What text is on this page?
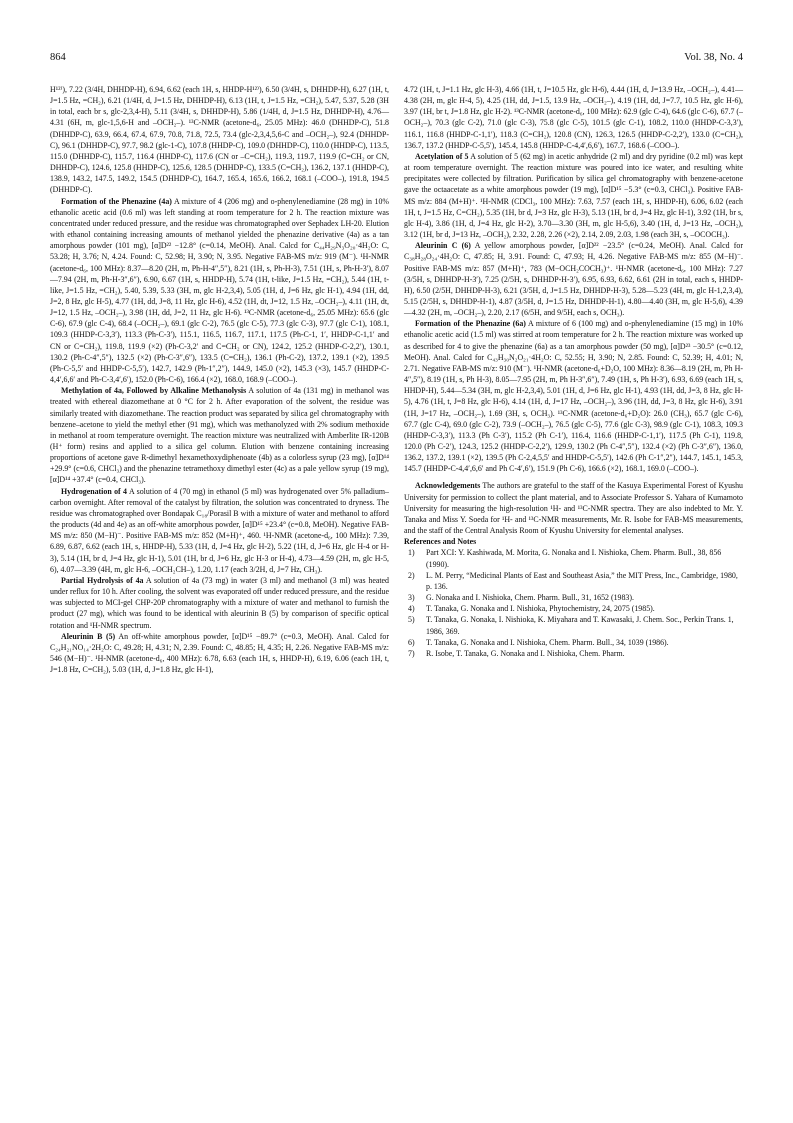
864	Vol. 38, No. 4

H¹²⁾), 7.22 (3/4H, DHHDP-H), 6.94, 6.62 (each 1H, s, HHDP-H¹²⁾), 6.50 (3/4H, s, DHHDP-H), 6.27 (1H, t, J=1.5 Hz, =CH₂), 6.21 (1/4H, d, J=1.5 Hz, DHHDP-H), 6.13 (1H, t, J=1.5 Hz, =CH₂), 5.47, 5.37, 5.28 (3H in total, each br s, glc-2,3,4-H), 5.11 (3/4H, s, DHHDP-H), 5.86 (1/4H, d, J=1.5 Hz, DHHDP-H), 4.76—4.31 (6H, m, glc-1,5,6-H and –OCH₂–). ¹³C-NMR (acetone-d₆, 25.05 MHz): 46.0 (DHHDP-C), 51.8 (DHHDP-C), 63.9, 66.4, 67.4, 67.9, 70.8, 71.8, 72.5, 73.4 (glc-2,3,4,5,6-C and –OCH₂–), 92.4 (DHHDP-C), 96.1 (DHHDP-C), 97.7, 98.2 (glc-1-C), 107.8 (HHDP-C), 109.0 (DHHDP-C), 110.0 (HHDP-C), 113.5, 115.0 (DHHDP-C), 115.7, 116.4 (HHDP-C), 117.6 (CN or –C=CH₂), 119.3, 119.7, 119.9 (C=CH₂ or CN, DHHDP-C), 124.6, 125.8 (HHDP-C), 125.6, 128.5 (DHHDP-C), 133.5 (C=CH₂), 136.2, 137.1 (HHDP-C), 138.9, 143.2, 147.5, 149.2, 154.5 (DHHDP-C), 164.7, 165.4, 165.6, 166.2, 168.1 (–COO–), 191.8, 194.5 (DHHDP-C).

Formation of the Phenazine (4a) A mixture of 4 (206 mg) and o-phenylenediamine (28 mg) in 10% ethanolic acetic acid (0.6 ml) was left standing at room temperature for 2 h. The reaction mixture was concentrated under reduced pressure, and the residue was chromatographed over Sephadex LH-20. Elution with ethanol containing increasing amounts of methanol yielded the phenazine derivative (4a) as a tan amorphous powder (101 mg), [α]D²² −12.8° (c=0.14, MeOH). Anal. Calcd for C₄₄H₂₉N₃O₂₀·4H₂O: C, 53.28; H, 3.76; N, 4.24. Found: C, 52.98; H, 3.90; N, 3.95. Negative FAB-MS m/z: 919 (M⁻). ¹H-NMR (acetone-d₆, 100 MHz): 8.37—8.20 (2H, m, Ph-H-4″,5″), 8.21 (1H, s, Ph-H-3), 7.51 (1H, s, Ph-H-3′), 8.07—7.94 (2H, m, Ph-H-3″,6″), 6.90, 6.67 (1H, s, HHDP-H), 5.74 (1H, t-like, J=1.5 Hz, =CH₂), 5.44 (1H, t-like, J=1.5 Hz, =CH₂), 5.40, 5.39, 5.33 (3H, m, glc H-2,3,4), 5.05 (1H, d, J=6 Hz, glc H-1), 4.94 (1H, dd, J=2, 8 Hz, glc H-5), 4.77 (1H, dd, J=8, 11 Hz, glc H-6), 4.52 (1H, dt, J=12, 1.5 Hz, –OCH₂–), 4.11 (1H, dt, J=12, 1.5 Hz, –OCH₂–), 3.98 (1H, dd, J=2, 11 Hz, glc H-6). ¹³C-NMR (acetone-d₆, 25.05 MHz): 65.6 (glc C-6), 67.9 (glc C-4), 68.4 (–OCH₂–), 69.1 (glc C-2), 76.5 (glc C-5), 77.3 (glc C-3), 97.7 (glc C-1), 108.1, 109.3 (HHDP-C-3,3′), 113.3 (Ph-C-3′), 115.1, 116.5, 116.7, 117.1, 117.5 (Ph-C-1, 1′, HHDP-C-1,1′ and CN or C=CH₂), 119.8, 119.9 (×2) (Ph-C-3,2′ and C=CH₂ or CN), 124.2, 125.2 (HHDP-C-2,2′), 130.1, 130.2 (Ph-C-4″,5″), 132.5 (×2) (Ph-C-3″,6″), 133.5 (C=CH₂), 136.1 (Ph-C-2), 137.2, 139.1 (×2), 139.5 (Ph-C-5,5′ and HHDP-C-5,5′), 142.7, 142.9 (Ph-1″,2″), 144.9, 145.0 (×2), 145.3 (×3), 145.7 (HHDP-C-4,4′,6,6′ and Ph-C-3,4′,6′), 152.0 (Ph-C-6), 166.4 (×2), 168.0, 168.9 (–COO–).

Methylation of 4a, Followed by Alkaline Methanolysis A solution of 4a (131 mg) in methanol was treated with ethereal diazomethane at 0 °C for 2 h. After evaporation of the solvent, the residue was similarly treated with diazomethane. The reaction product was separated by silica gel chromatography with benzene–acetone to yield the methyl ether (91 mg), which was methanolyzed with 2% sodium methoxide in methanol at room temperature overnight. The reaction mixture was neutralized with Amberlite IR-120B (H⁺ form) resins and applied to a silica gel column. Elution with benzene containing increasing proportions of acetone gave R-dimethyl hexamethoxydiphenoate (4b) as a colorless syrup (23 mg), [α]D¹⁴ +29.9° (c=0.6, CHCl₃) and the phenazine tetramethoxy dimethyl ester (4c) as a pale yellow syrup (19 mg), [α]D¹⁴ +37.4° (c=0.4, CHCl₃).

Hydrogenation of 4 A solution of 4 (70 mg) in ethanol (5 ml) was hydrogenated over 5% palladium–carbon overnight. After removal of the catalyst by filtration, the solution was concentrated to dryness. The residue was chromatographed over Bondapak C₁₈/Porasil B with a mixture of water and methanol to afford the products (4d and 4e) as an off-white amorphous powder, [α]D¹⁵ +23.4° (c=0.8, MeOH). Negative FAB-MS m/z: 850 (M−H)⁻. Positive FAB-MS m/z: 852 (M+H)⁺, 460. ¹H-NMR (acetone-d₆, 100 MHz): 7.39, 6.89, 6.87, 6.62 (each 1H, s, HHDP-H), 5.33 (1H, d, J=4 Hz, glc H-2), 5.22 (1H, d, J=6 Hz, glc H-4 or H-3), 5.14 (1H, br d, J=4 Hz, glc H-1), 5.01 (1H, br d, J=6 Hz, glc H-3 or H-4), 4.73—4.59 (2H, m, glc H-5, 6), 4.07—3.39 (4H, m, glc H-6, –OCH₂CH–), 1.20, 1.17 (each 3/2H, d, J=7 Hz, CH₃).

Partial Hydrolysis of 4a A solution of 4a (73 mg) in water (3 ml) and methanol (3 ml) was heated under reflux for 10 h. After cooling, the solvent was evaporated off under reduced pressure, and the residue was subjected to MCI-gel CHP-20P chromatography with a mixture of water and methanol to furnish the product (27 mg), which was found to be identical with aleurinin B (5) by comparison of specific optical rotation and ¹H-NMR spectrum.

Aleurinin B (5) An off-white amorphous powder, [α]D¹⁵ −89.7° (c=0.3, MeOH). Anal. Calcd for C₂₄H₂₁NO₁₄·2H₂O: C, 49.28; H, 4.31; N, 2.39. Found: C, 48.85; H, 4.35; H, 2.26. Negative FAB-MS m/z: 546 (M−H)⁻. ¹H-NMR (acetone-d₆, 400 MHz): 6.78, 6.63 (each 1H, s, HHDP-H), 6.19, 6.06 (each 1H, t, J=1.8 Hz, C=CH₂), 5.03 (1H, d, J=1.8 Hz, glc H-1),

4.72 (1H, t, J=1.1 Hz, glc H-3), 4.66 (1H, t, J=10.5 Hz, glc H-6), 4.44 (1H, d, J=13.9 Hz, –OCH₂–), 4.41—4.38 (2H, m, glc H-4, 5), 4.25 (1H, dd, J=1.5, 13.9 Hz, –OCH₂–), 4.19 (1H, dd, J=7.7, 10.5 Hz, glc H-6), 3.97 (1H, br t, J=1.8 Hz, glc H-2). ¹³C-NMR (acetone-d₆, 100 MHz): 62.9 (glc C-4), 64.6 (glc C-6), 67.7 (–OCH₂–), 70.3 (glc C-2), 71.0 (glc C-3), 75.8 (glc C-5), 101.5 (glc C-1), 108.2, 110.0 (HHDP-C-3,3′), 116.1, 116.8 (HHDP-C-1,1′), 118.3 (C=CH₂), 120.8 (CN), 126.3, 126.5 (HHDP-C-2,2′), 133.0 (C=CH₂), 136.7, 137.2 (HHDP-C-5,5′), 145.4, 145.8 (HHDP-C-4,4′,6,6′), 167.7, 168.6 (–COO–).

Acetylation of 5 A solution of 5 (62 mg) in acetic anhydride (2 ml) and dry pyridine (0.2 ml) was kept at room temperature overnight. The reaction mixture was poured into ice water, and resulting white precipitates were collected by filtration. Purification by silica gel chromatography with benzene-acetone gave the octaacetate as a white amorphous powder (19 mg), [α]D¹⁵ −5.3° (c=0.3, CHCl₃). Positive FAB-MS m/z: 884 (M+H)⁺. ¹H-NMR (CDCl₃, 100 MHz): 7.63, 7.57 (each 1H, s, HHDP-H), 6.06, 6.02 (each 1H, t, J=1.5 Hz, C=CH₂), 5.35 (1H, br d, J=3 Hz, glc H-3), 5.13 (1H, br d, J=4 Hz, glc H-1), 3.92 (1H, br s, glc H-4), 3.86 (1H, d, J=4 Hz, glc H-2), 3.70—3.30 (3H, m, glc H-5,6), 3.40 (1H, d, J=13 Hz, –OCH₂), 3.12 (1H, br d, J=13 Hz, –OCH₂), 2.32, 2.28, 2.26 (×2), 2.14, 2.09, 2.03, 1.98 (each 3H, s, –OCOCH₃).

Aleurinin C (6) A yellow amorphous powder, [α]D²² −23.5° (c=0.24, MeOH). Anal. Calcd for C₃₈H₂₈O₂₄·4H₂O: C, 47.85; H, 3.91. Found: C, 47.93; H, 4.26. Negative FAB-MS m/z: 855 (M−H)⁻. Positive FAB-MS m/z: 857 (M+H)⁺, 783 (M−OCH₂COCH₃)⁺. ¹H-NMR (acetone-d₆, 100 MHz): 7.27 (3/5H, s, DHHDP-H-3′), 7.25 (2/5H, s, DHHDP-H-3′), 6.95, 6.93, 6.62, 6.61 (2H in total, each s, HHDP-H), 6.50 (2/5H, DHHDP-H-3), 6.21 (3/5H, d, J=1.5 Hz, DHHDP-H-3), 5.28—5.23 (4H, m, glc H-1,2,3,4), 5.15 (2/5H, s, DHHDP-H-1), 4.87 (3/5H, d, J=1.5 Hz, DHHDP-H-1), 4.80—4.40 (3H, m, glc H-5,6), 4.39—4.32 (2H, m, –OCH₂–), 2.20, 2.17 (6/5H, and 9/5H, each s, OCH₃).

Formation of the Phenazine (6a) A mixture of 6 (100 mg) and o-phenylenediamine (15 mg) in 10% ethanolic acetic acid (1.5 ml) was stirred at room temperature for 2 h. The reaction mixture was worked up as described for 4 to give the phenazine (6a) as a tan amorphous powder (50 mg), [α]D²³ −30.5° (c=0.12, MeOH). Anal. Calcd for C₄₃H₃₀N₂O₂₁·4H₂O: C, 52.55; H, 3.90; N, 2.85. Found: C, 52.39; H, 4.01; N, 2.71. Negative FAB-MS m/z: 910 (M⁻). ¹H-NMR (acetone-d₆+D₂O, 100 MHz): 8.36—8.19 (2H, m, Ph H-4″,5″), 8.19 (1H, s, Ph H-3), 8.05—7.95 (2H, m, Ph H-3″,6″), 7.49 (1H, s, Ph H-3′), 6.93, 6.69 (each 1H, s, HHDP-H), 5.44—5.34 (3H, m, glc H-2,3,4), 5.01 (1H, d, J=6 Hz, glc H-1), 4.93 (1H, dd, J=3, 8 Hz, glc H-5), 4.76 (1H, t, J=8 Hz, glc H-6), 4.14 (1H, d, J=17 Hz, –OCH₂–), 3.96 (1H, dd, J=3, 8 Hz, glc H-6), 3.91 (1H, J=17 Hz, –OCH₂–), 1.69 (3H, s, OCH₃). ¹³C-NMR (acetone-d₆+D₂O): 26.0 (CH₃), 65.7 (glc C-6), 67.7 (glc C-4), 69.0 (glc C-2), 73.9 (–OCH₂–), 76.5 (glc C-5), 77.6 (glc C-3), 98.9 (glc C-1), 108.3, 109.3 (HHDP-C-3,3′), 113.3 (Ph C-3′), 115.2 (Ph C-1′), 116.4, 116.6 (HHDP-C-1,1′), 117.5 (Ph C-1), 119.8, 120.0 (Ph C-2′), 124.3, 125.2 (HHDP-C-2,2′), 129.9, 130.2 (Ph C-4″,5″), 132.4 (×2) (Ph C-3″,6″), 136.0, 136.2, 137.2, 139.1 (×2), 139.5 (Ph C-2,4,5,5′ and HHDP-C-5,5′), 142.6 (Ph C-1″,2″), 144.7, 145.1, 145.3, 145.7 (HHDP-C-4,4′,6,6′ and Ph C-4′,6′), 151.9 (Ph C-6), 166.6 (×2), 168.1, 169.0 (–COO–).

Acknowledgements The authors are grateful to the staff of the Kasuya Experimental Forest of Kyushu University for permission to collect the plant material, and to Associate Professor S. Yahara of Kumamoto University for measuring the high-resolution ¹H- and ¹³C-NMR spectra. They are also indebted to Mr. Y. Tanaka and Miss Y. Soeda for ¹H- and ¹³C-NMR measurements, Mr. R. Isobe for FAB-MS measurements, and the staff of the Central Analysis Room of Kyushu University for elemental analyses.

References and Notes

1) Part XCI: Y. Kashiwada, M. Morita, G. Nonaka and I. Nishioka, Chem. Pharm. Bull., 38, 856 (1990).
2) L. M. Perry, “Medicinal Plants of East and Southeast Asia,” the MIT Press, Inc., Cambridge, 1980, p. 136.
3) G. Nonaka and I. Nishioka, Chem. Pharm. Bull., 31, 1652 (1983).
4) T. Tanaka, G. Nonaka and I. Nishioka, Phytochemistry, 24, 2075 (1985).
5) T. Tanaka, G. Nonaka, I. Nishioka, K. Miyahara and T. Kawasaki, J. Chem. Soc., Perkin Trans. 1, 1986, 369.
6) T. Tanaka, G. Nonaka and I. Nishioka, Chem. Pharm. Bull., 34, 1039 (1986).
7) R. Isobe, T. Tanaka, G. Nonaka and I. Nishioka, Chem. Pharm.
